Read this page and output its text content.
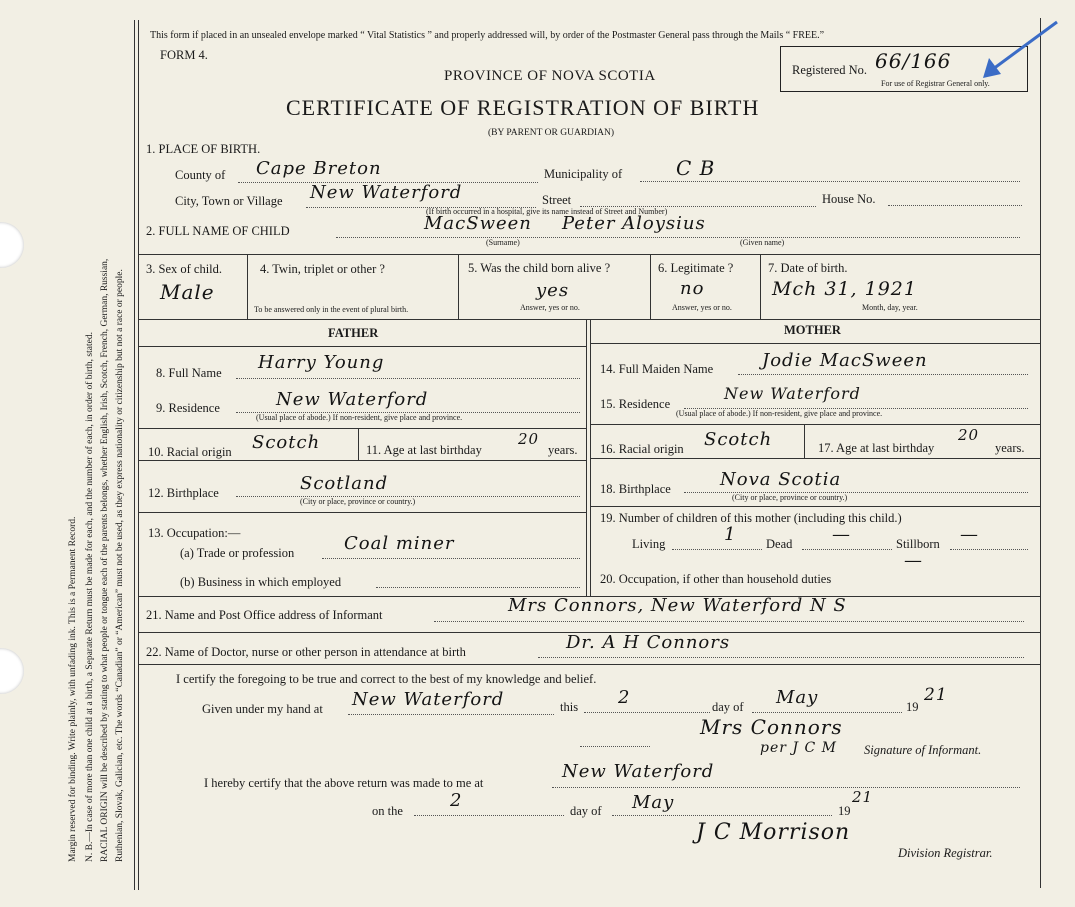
Margin reserved for binding. Write plainly, with unfading ink. This is a Permanent Record. N. B.—In case of more than one child at a birth, a Separate Return must be made for each, and the number of each, in order of birth, stated. RACIAL ORIGIN will be described by stating to what people or tongue each of the parents belongs, whether English, Irish, Scotch, French, German, Russian, Ruthenian, Slovak, Galician, etc. The words “Canadian” or “American” must not be used, as they express nationality or citizenship but not a race or people.
This form if placed in an unsealed envelope marked “ Vital Statistics ” and properly addressed will, by order of the Postmaster General pass through the Mails “ FREE.”
FORM 4.
PROVINCE OF NOVA SCOTIA
CERTIFICATE OF REGISTRATION OF BIRTH
(BY PARENT OR GUARDIAN)
Registered No. 66/166
For use of Registrar General only.
1. PLACE OF BIRTH.
County of Cape Breton	Municipality of	C B
City, Town or Village New Waterford	Street	House No.
(If birth occurred in a hospital, give its name instead of Street and Number)
2. FULL NAME OF CHILD	MacSween Peter Aloysius
(Surname)	(Given name)
3. Sex of child.
Male
4. Twin, triplet or other ?
To be answered only in the event of plural birth.
5. Was the child born alive ?
yes
Answer, yes or no.
6. Legitimate ?
no
Answer, yes or no.
7. Date of birth.
Mch 31, 1921
Month, day, year.
FATHER	MOTHER
8. Full Name Harry Young
9. Residence	New Waterford
(Usual place of abode.) If non-resident, give place and province.
10. Racial origin Scotch	11. Age at last birthday
20
years.
12. Birthplace	Scotland
(City or place, province or country.)
13. Occupation:—
(a) Trade or profession	Coal miner
(b) Business in which employed
14. Full Maiden Name	Jodie MacSween
15. Residence
New Waterford
(Usual place of abode.) If non-resident, give place and province.
16. Racial origin Scotch	17. Age at last birthday
20
years.
18. Birthplace	Nova Scotia
(City or place, province or country.)
19. Number of children of this mother (including this child.)
Living	1 Dead —	Stillborn —
—
20. Occupation, if other than household duties
21. Name and Post Office address of Informant	Mrs Connors, New Waterford N S
22. Name of Doctor, nurse or other person in attendance at birth	Dr. A H Connors
I certify the foregoing to be true and correct to the best of my knowledge and belief.
Given under my hand at New Waterford	this 2	day of May	19
21
Mrs Connors
per J C M Signature of Informant.
I hereby certify that the above return was made to me at
New Waterford
on the	2	day of May	19
21
J C Morrison
Division Registrar.
